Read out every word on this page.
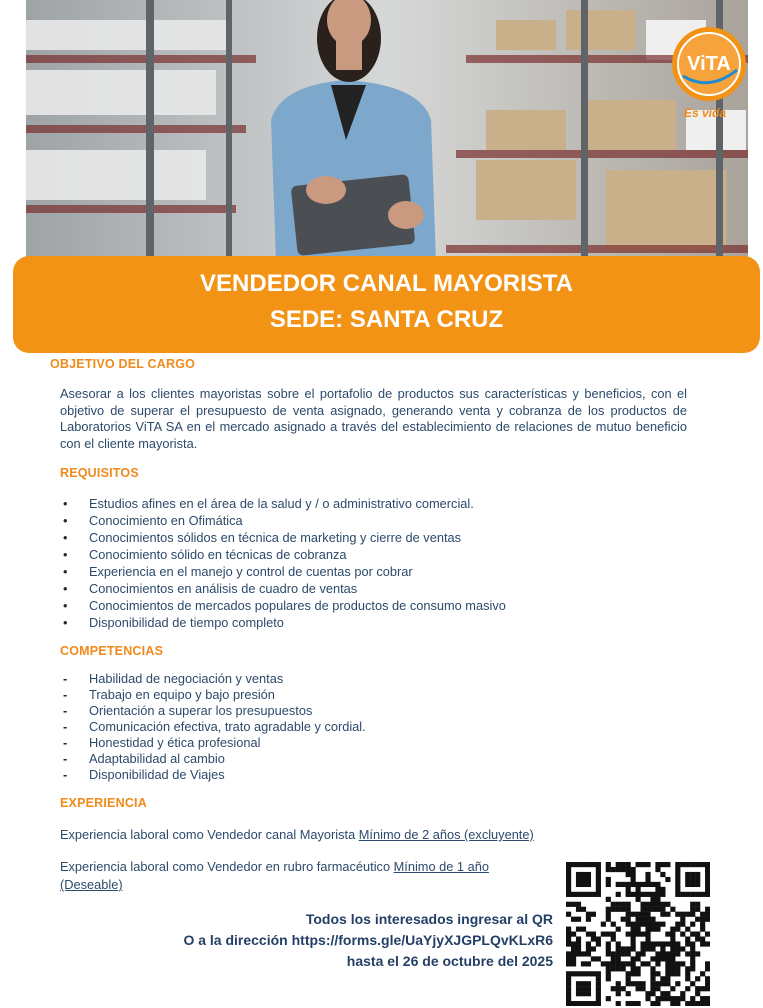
ViTA
Es vida
VENDEDOR CANAL MAYORISTA
SEDE: SANTA CRUZ
OBJETIVO DEL CARGO
Asesorar a los clientes mayoristas sobre el portafolio de productos sus características y beneficios, con el objetivo de superar el presupuesto de venta asignado, generando venta y cobranza de los productos de Laboratorios ViTA SA en el mercado asignado a través del establecimiento de relaciones de mutuo beneficio con el cliente mayorista.
REQUISITOS
• Estudios afines en el área de la salud y / o administrativo comercial.
• Conocimiento en Ofimática
• Conocimientos sólidos en técnica de marketing y cierre de ventas
• Conocimiento sólido en técnicas de cobranza
• Experiencia en el manejo y control de cuentas por cobrar
• Conocimientos en análisis de cuadro de ventas
• Conocimientos de mercados populares de productos de consumo masivo
• Disponibilidad de tiempo completo
COMPETENCIAS
- Habilidad de negociación y ventas
- Trabajo en equipo y bajo presión
- Orientación a superar los presupuestos
- Comunicación efectiva, trato agradable y cordial.
- Honestidad y ética profesional
- Adaptabilidad al cambio
- Disponibilidad de Viajes
EXPERIENCIA
Experiencia laboral como Vendedor canal Mayorista Mínimo de 2 años (excluyente)
Experiencia laboral como Vendedor en rubro farmacéutico Mínimo de 1 año
(Deseable)
Todos los interesados ingresar al QR
O a la dirección https://forms.gle/UaYjyXJGPLQvKLxR6
hasta el 26 de octubre del 2025
